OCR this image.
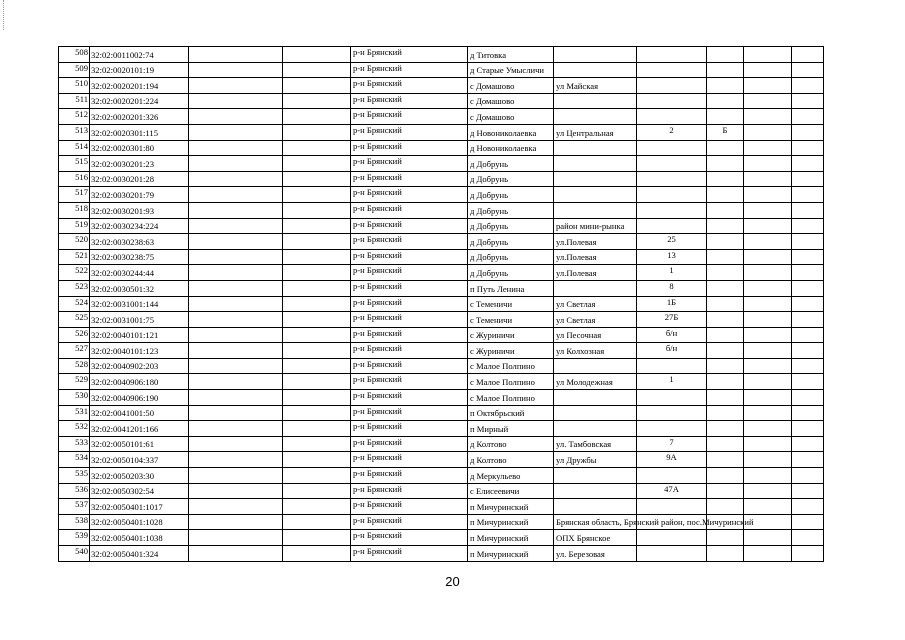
508	32:02:0011002:74			р-н Брянский	д Титовка	

509	32:02:0020101:19			р-н Брянский	д Старые Умысличи	

510	32:02:0020201:194			р-н Брянский	с Домашово	ул Майская				

511	32:02:0020201:224			р-н Брянский	с Домашово	

512	32:02:0020201:326			р-н Брянский	с Домашово	

513	32:02:0020301:115			р-н Брянский	д Новониколаевка	ул Центральная	2	Б		
514	32:02:0020301:80			р-н Брянский	д Новониколаевка	

515	32:02:0030201:23			р-н Брянский	д Добрунь	

516	32:02:0030201:28			р-н Брянский	д Добрунь	

517	32:02:0030201:79			р-н Брянский	д Добрунь	

518	32:02:0030201:93			р-н Брянский	д Добрунь	

519	32:02:0030234:224			р-н Брянский	д Добрунь	район мини-рынка				

520	32:02:0030238:63			р-н Брянский	д Добрунь	ул.Полевая	25			
521	32:02:0030238:75			р-н Брянский	д Добрунь	ул.Полевая	13			
522	32:02:0030244:44			р-н Брянский	д Добрунь	ул.Полевая	1			
523	32:02:0030501:32			р-н Брянский	п Путь Ленина		8			
524	32:02:0031001:144			р-н Брянский	с Теменичи	ул Светлая	1Б			
525	32:02:0031001:75			р-н Брянский	с Теменичи	ул Светлая	27Б			
526	32:02:0040101:121			р-н Брянский	с Журиничи	ул Песочная	б/н			
527	32:02:0040101:123			р-н Брянский	с Журиничи	ул Колхозная	б/н			
528	32:02:0040902:203			р-н Брянский	с Малое Полпино	

529	32:02:0040906:180			р-н Брянский	с Малое Полпино	ул Молодежная	1			
530	32:02:0040906:190			р-н Брянский	с Малое Полпино	

531	32:02:0041001:50			р-н Брянский	п Октябрьский	

532	32:02:0041201:166			р-н Брянский	п Мирный	

533	32:02:0050101:61			р-н Брянский	д Колтово	ул. Тамбовская	7			
534	32:02:0050104:337			р-н Брянский	д Колтово	ул Дружбы	9А			
535	32:02:0050203:30			р-н Брянский	д Меркульево	

536	32:02:0050302:54			р-н Брянский	с Елисеевичи		47А			
537	32:02:0050401:1017			р-н Брянский	п Мичуринский	

538	32:02:0050401:1028			р-н Брянский	п Мичуринский	Брянская область, Брянский район, пос.Мичуринский				

539	32:02:0050401:1038			р-н Брянский	п Мичуринский	ОПХ Брянское				

540	32:02:0050401:324			р-н Брянский	п Мичуринский	ул. Березовая				

20
